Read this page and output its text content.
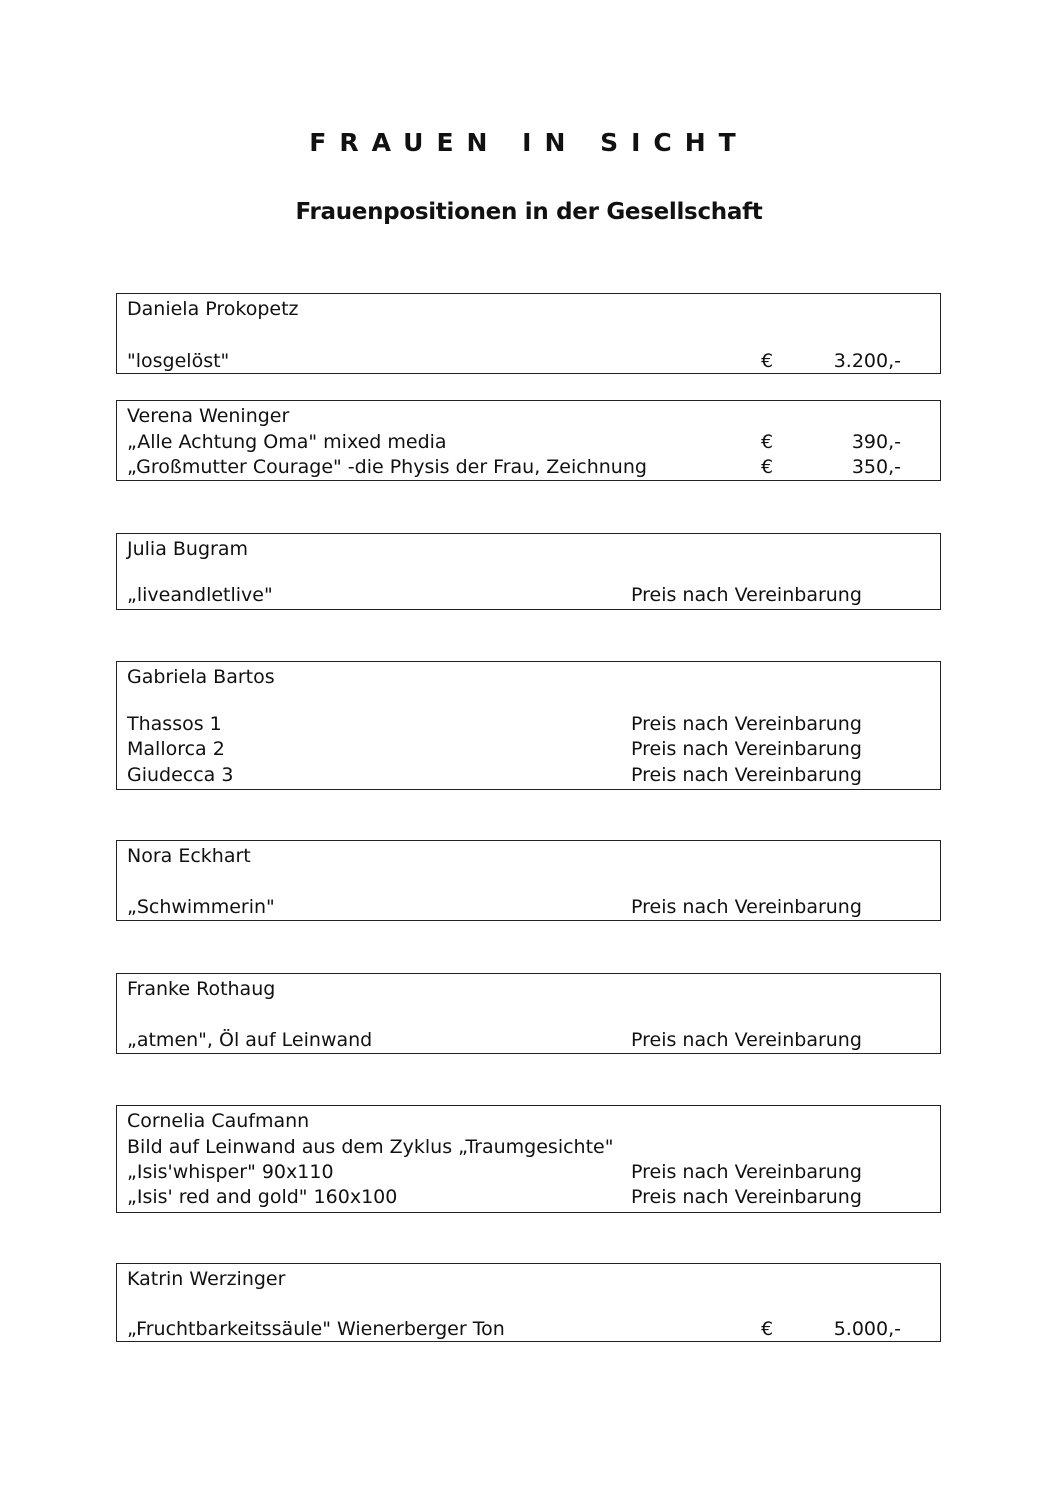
FRAUEN IN SICHT
Frauenpositionen in der Gesellschaft
Daniela Prokopetz
"losgelöst"	€	3.200,-
Verena Weninger
„Alle Achtung Oma" mixed media	€	390,-
„Großmutter Courage" -die Physis der Frau, Zeichnung	€	350,-
Julia Bugram
„liveandletlive"	Preis nach Vereinbarung
Gabriela Bartos
Thassos 1	Preis nach Vereinbarung
Mallorca 2	Preis nach Vereinbarung
Giudecca 3	Preis nach Vereinbarung
Nora Eckhart
„Schwimmerin"	Preis nach Vereinbarung
Franke Rothaug
„atmen", Öl auf Leinwand	Preis nach Vereinbarung
Cornelia Caufmann
Bild auf Leinwand aus dem Zyklus „Traumgesichte"
„Isis'whisper" 90x110	Preis nach Vereinbarung
„Isis' red and gold" 160x100	Preis nach Vereinbarung
Katrin Werzinger
„Fruchtbarkeitssäule" Wienerberger Ton	€	5.000,-
